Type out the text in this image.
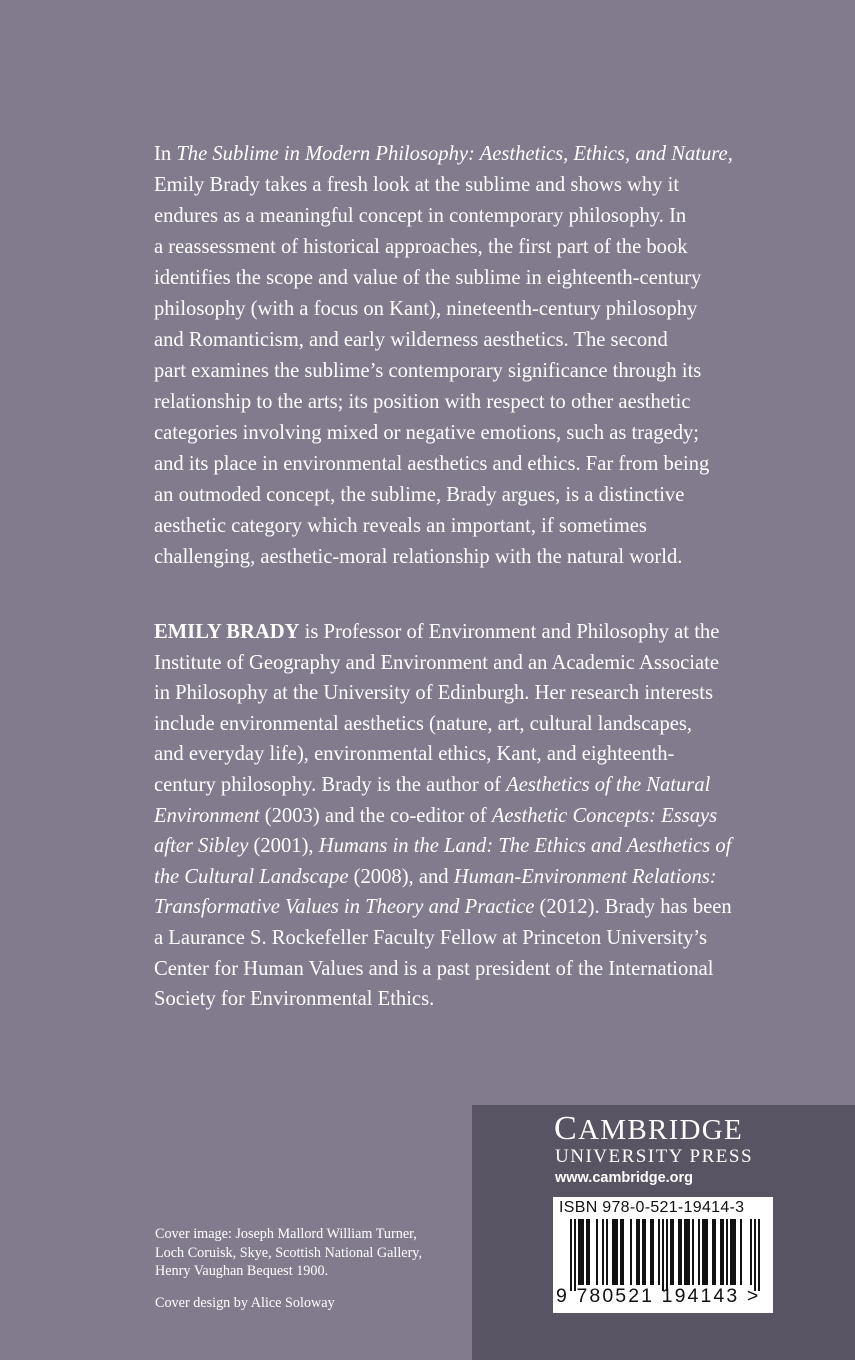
In The Sublime in Modern Philosophy: Aesthetics, Ethics, and Nature,
Emily Brady takes a fresh look at the sublime and shows why it
endures as a meaningful concept in contemporary philosophy. In
a reassessment of historical approaches, the first part of the book
identifies the scope and value of the sublime in eighteenth-century
philosophy (with a focus on Kant), nineteenth-century philosophy
and Romanticism, and early wilderness aesthetics. The second
part examines the sublime’s contemporary significance through its
relationship to the arts; its position with respect to other aesthetic
categories involving mixed or negative emotions, such as tragedy;
and its place in environmental aesthetics and ethics. Far from being
an outmoded concept, the sublime, Brady argues, is a distinctive
aesthetic category which reveals an important, if sometimes
challenging, aesthetic-moral relationship with the natural world.
EMILY BRADY is Professor of Environment and Philosophy at the
Institute of Geography and Environment and an Academic Associate
in Philosophy at the University of Edinburgh. Her research interests
include environmental aesthetics (nature, art, cultural landscapes,
and everyday life), environmental ethics, Kant, and eighteenth-
century philosophy. Brady is the author of Aesthetics of the Natural
Environment (2003) and the co-editor of Aesthetic Concepts: Essays
after Sibley (2001), Humans in the Land: The Ethics and Aesthetics of
the Cultural Landscape (2008), and Human-Environment Relations:
Transformative Values in Theory and Practice (2012). Brady has been
a Laurance S. Rockefeller Faculty Fellow at Princeton University’s
Center for Human Values and is a past president of the International
Society for Environmental Ethics.
Cover image: Joseph Mallord William Turner,
Loch Coruisk, Skye, Scottish National Gallery,
Henry Vaughan Bequest 1900.
Cover design by Alice Soloway
CAMBRIDGE
UNIVERSITY PRESS
www.cambridge.org
ISBN 978-0-521-19414-3
9 780521 194143 >
